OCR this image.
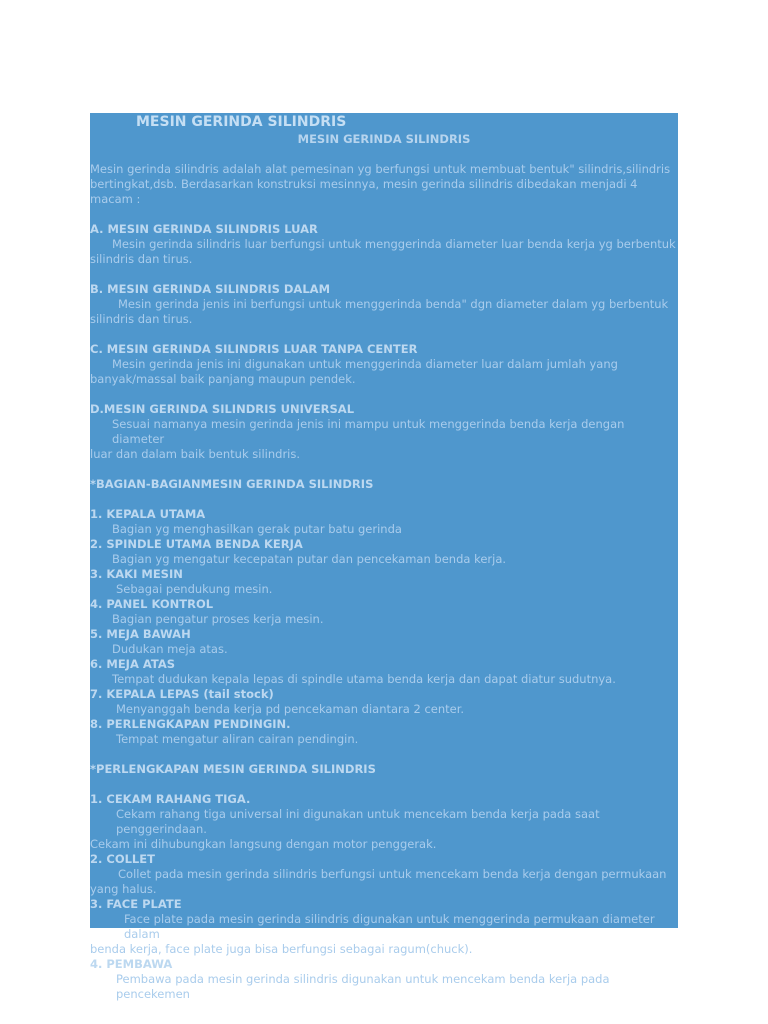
MESIN GERINDA SILINDRIS
MESIN GERINDA SILINDRIS

Mesin gerinda silindris adalah alat pemesinan yg berfungsi untuk membuat bentuk" silindris,silindris

bertingkat,dsb. Berdasarkan konstruksi mesinnya, mesin gerinda silindris dibedakan menjadi 4 macam :

A. MESIN GERINDA SILINDRIS LUAR

Mesin gerinda silindris luar berfungsi untuk menggerinda diameter luar benda kerja yg berbentuk

silindris dan tirus.

B. MESIN GERINDA SILINDRIS DALAM

Mesin gerinda jenis ini berfungsi untuk menggerinda benda" dgn diameter dalam yg berbentuk

silindris dan tirus.

C. MESIN GERINDA SILINDRIS LUAR TANPA CENTER

Mesin gerinda jenis ini digunakan untuk menggerinda diameter luar dalam jumlah yang

banyak/massal baik panjang maupun pendek.

D.MESIN GERINDA SILINDRIS UNIVERSAL

Sesuai namanya mesin gerinda jenis ini mampu untuk menggerinda benda kerja dengan diameter

luar dan dalam baik bentuk silindris.

*BAGIAN-BAGIANMESIN GERINDA SILINDRIS

1. KEPALA UTAMA

Bagian yg menghasilkan gerak putar batu gerinda

2. SPINDLE UTAMA BENDA KERJA

Bagian yg mengatur kecepatan putar dan pencekaman benda kerja.

3. KAKI MESIN

Sebagai pendukung mesin.

4. PANEL KONTROL

Bagian pengatur proses kerja mesin.

5. MEJA BAWAH

Dudukan meja atas.

6. MEJA ATAS

Tempat dudukan kepala lepas di spindle utama benda kerja dan dapat diatur sudutnya.

7. KEPALA LEPAS (tail stock)

Menyanggah benda kerja pd pencekaman diantara 2 center.

8. PERLENGKAPAN PENDINGIN.

Tempat mengatur aliran cairan pendingin.

*PERLENGKAPAN MESIN GERINDA SILINDRIS

1. CEKAM RAHANG TIGA.

Cekam rahang tiga universal ini digunakan untuk mencekam benda kerja pada saat penggerindaan.

Cekam ini dihubungkan langsung dengan motor penggerak.

2. COLLET

Collet pada mesin gerinda silindris berfungsi untuk mencekam benda kerja dengan permukaan

yang halus.

3. FACE PLATE

Face plate pada mesin gerinda silindris digunakan untuk menggerinda permukaan diameter dalam

benda kerja, face plate juga bisa berfungsi sebagai ragum(chuck).

4. PEMBAWA

Pembawa pada mesin gerinda silindris digunakan untuk mencekam benda kerja pada pencekemen
